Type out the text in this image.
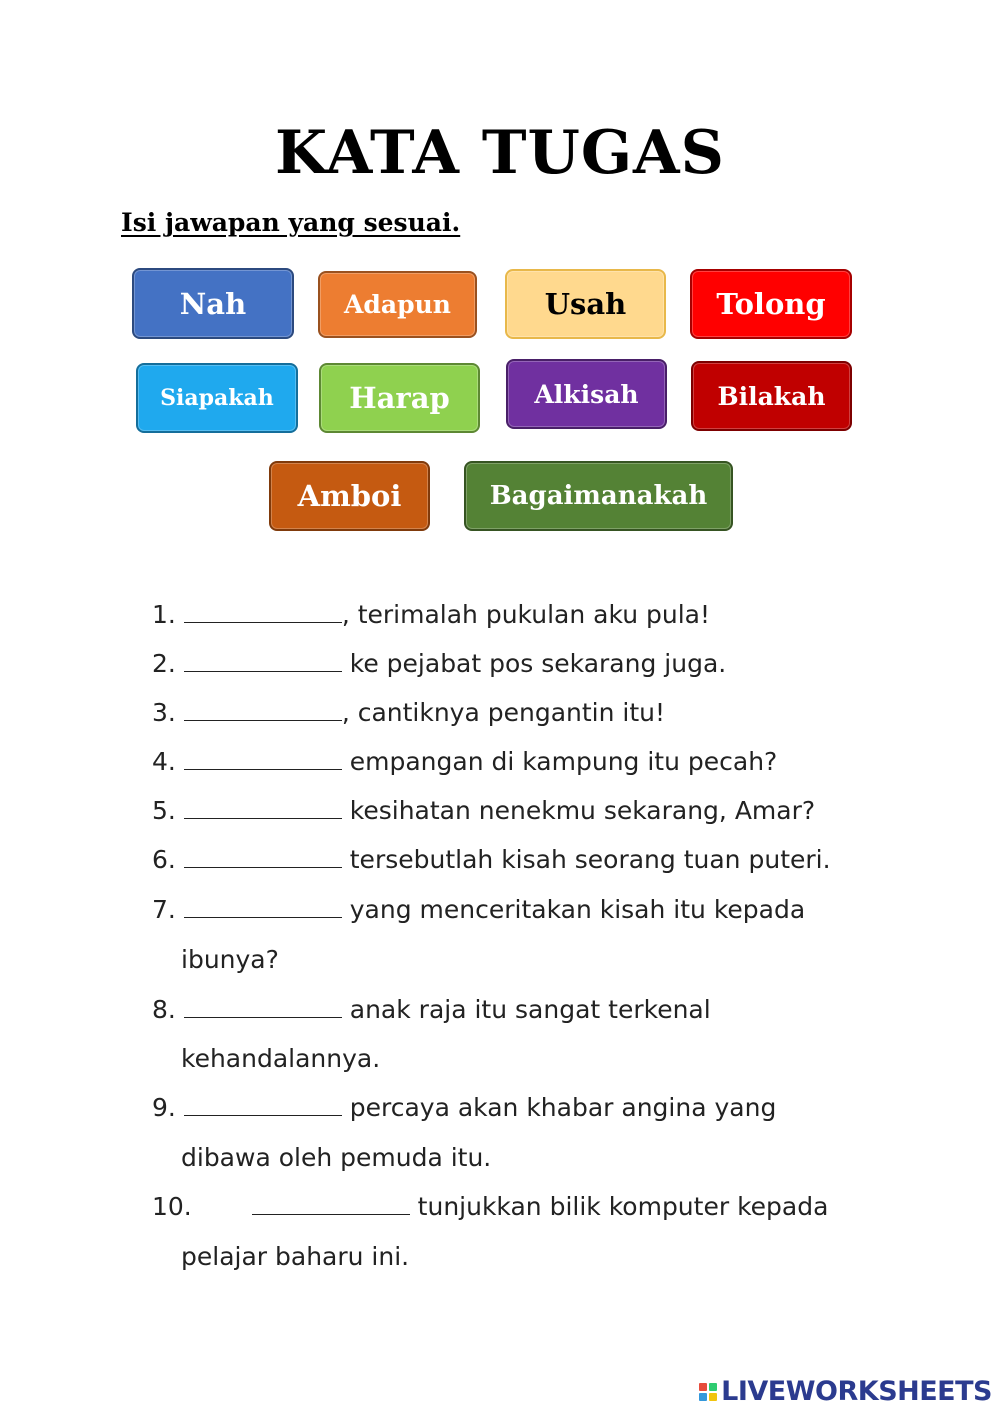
KATA TUGAS
Isi jawapan yang sesuai.
Nah	Adapun	Usah	Tolong
Siapakah	Harap	Alkisah	Bilakah
Amboi	Bagaimanakah
1.	, terimalah pukulan aku pula!
2.	ke pejabat pos sekarang juga.
3.	, cantiknya pengantin itu!
4.	empangan di kampung itu pecah?
5.	kesihatan nenekmu sekarang, Amar?
6.	tersebutlah kisah seorang tuan puteri.
7.	yang menceritakan kisah itu kepada
ibunya?
8.	anak raja itu sangat terkenal
kehandalannya.
9.	percaya akan khabar angina yang
dibawa oleh pemuda itu.
10.	tunjukkan bilik komputer kepada
pelajar baharu ini.
LIVEWORKSHEETS
